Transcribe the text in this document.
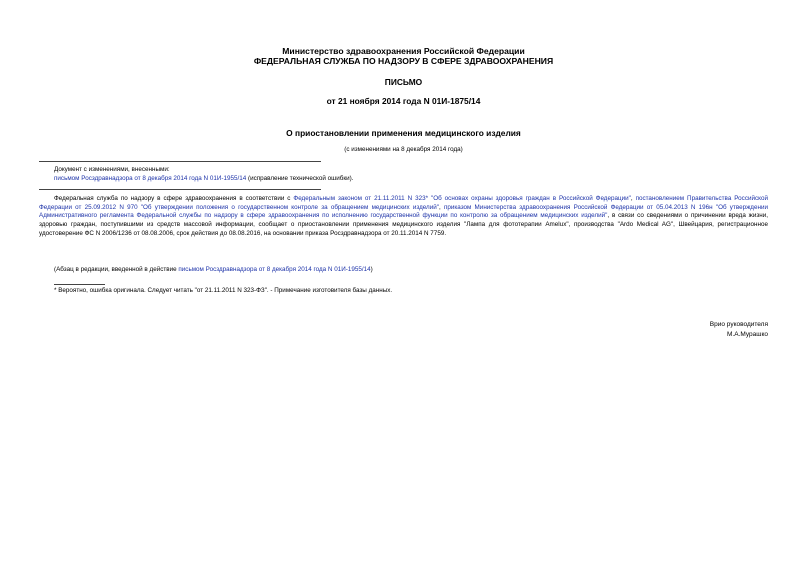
Министерство здравоохранения Российской Федерации
ФЕДЕРАЛЬНАЯ СЛУЖБА ПО НАДЗОРУ В СФЕРЕ ЗДРАВООХРАНЕНИЯ
ПИСЬМО
от 21 ноября 2014 года N 01И-1875/14
О приостановлении применения медицинского изделия
(с изменениями на 8 декабря 2014 года)
Документ с изменениями, внесенными:
письмом Росздравнадзора от 8 декабря 2014 года N 01И-1955/14 (исправление технической ошибки).
Федеральная служба по надзору в сфере здравоохранения в соответствии с Федеральным законом от 21.11.2011 N 323* "Об основах охраны здоровья граждан в Российской Федерации", постановлением Правительства Российской Федерации от 25.09.2012 N 970 "Об утверждении положения о государственном контроле за обращением медицинских изделий", приказом Министерства здравоохранения Российской Федерации от 05.04.2013 N 196н "Об утверждении Административного регламента Федеральной службы по надзору в сфере здравоохранения по исполнению государственной функции по контролю за обращением медицинских изделий", в связи со сведениями о причинении вреда жизни, здоровью граждан, поступившими из средств массовой информации, сообщает о приостановлении применения медицинского изделия "Лампа для фототерапии Amelux", производства "Ardo Medical AG", Швейцария, регистрационное удостоверение ФС N 2006/1236 от 08.08.2006, срок действия до 08.08.2016, на основании приказа Росздравнадзора от 20.11.2014 N 7759.
(Абзац в редакции, введенной в действие письмом Росздравнадзора от 8 декабря 2014 года N 01И-1955/14)
* Вероятно, ошибка оригинала. Следует читать "от 21.11.2011 N 323-ФЗ". - Примечание изготовителя базы данных.
Врио руководителя
М.А.Мурашко
